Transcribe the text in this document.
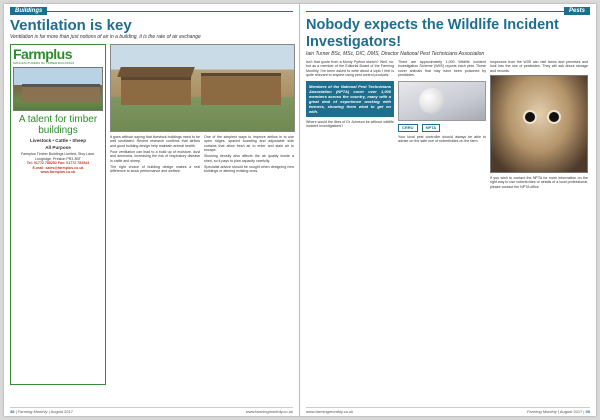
Buildings
Ventilation is key
Ventilation is far more than just notions of air in a building, it is the rate of air exchange
Farmplus
MANUFACTURERS OF TIMBER BUILDINGS
A talent for timber buildings
Livestock • Cattle • Sheep
All Purpose
Farmplus Timber Buildings Limited, Stoy Lane, Longridge, Preston PR3 3BT
Tel: 01772 785252 Fax: 01772 782944
E-mail: sales@farmplus.co.uk
www.farmplus.co.uk

It goes without saying that livestock buildings need to be well ventilated. Recent research confirms that airflow and good building design help maintain animal health.

Poor ventilation can lead to a build up of moisture, dust and ammonia, increasing the risk of respiratory disease in cattle and sheep.

The right choice of building design makes a real difference to stock performance and welfare.

One of the simplest ways to improve airflow is to use open ridges, spaced boarding and adjustable side curtains that allow fresh air to enter and stale air to escape.

Stocking density also affects the air quality inside a shed, so it pays to plan capacity carefully.

Specialist advice should be sought when designing new buildings or altering existing ones.

38 | Farming Monthly | August 2017	www.farmingmonthly.co.uk
Pests
Nobody expects the Wildlife Incident Investigators!
Iain Turner BSc, MSc, DIC, DMS, Director National Pest Technicians Association

Isn't that quote from a Monty Python sketch? Well, no, but as a member of the Editorial Board of the Farming Monthly, I've been asked to write about a topic I feel is quite relevant to anyone using pest control products.

Members of the National Pest Technicians Association (NPTA) cover over 1,000 members across the country, many with a great deal of experience working with farmers, showing them what to get on with.

Where would the likes of Dr Johnson be without wildlife incident investigations?

There are approximately 1,000 Wildlife Incident Investigation Scheme (WIIS) reports each year. These cover animals that may have been poisoned by pesticides.

CRRU	NPTA

Your local pest controller should always be able to advise on the safe use of rodenticides on the farm.

Inspectors from the WIIS can visit farms and premises and look into the use of pesticides. They will ask about storage and records.

If you wish to contact the NPTA for more information on the right way to use rodenticides or details of a local professional, please contact the NPTA office.

www.farmingmonthly.co.uk	Farming Monthly | August 2017 | 39
